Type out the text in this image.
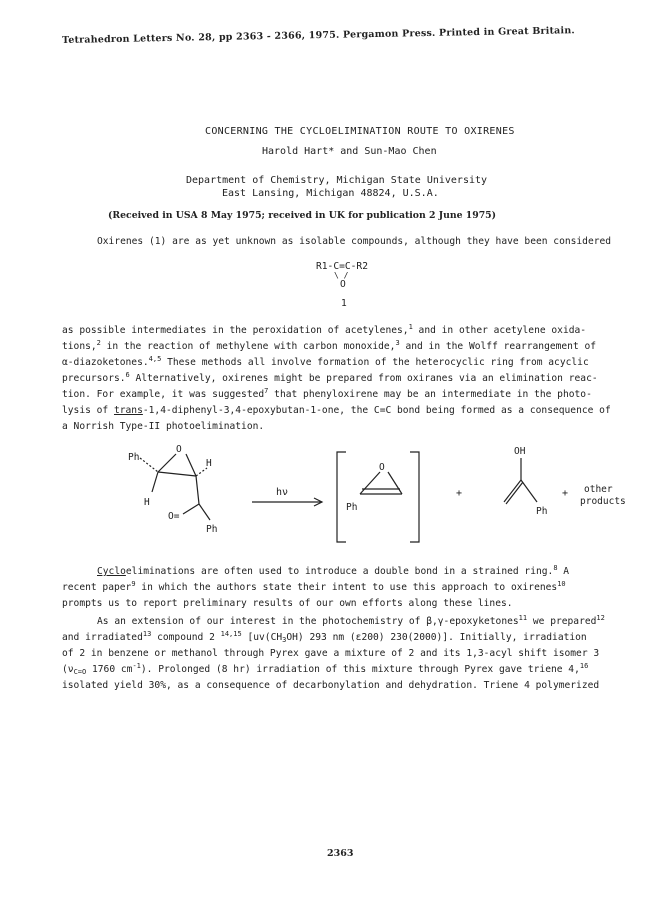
Tetrahedron Letters No. 28, pp 2363 - 2366, 1975. Pergamon Press. Printed in Great Britain.
CONCERNING THE CYCLOELIMINATION ROUTE TO OXIRENES
Harold Hart* and Sun-Mao Chen
Department of Chemistry, Michigan State University
East Lansing, Michigan 48824, U.S.A.
(Received in USA 8 May 1975; received in UK for publication 2 June 1975)
Oxirenes (1) are as yet unknown as isolable compounds, although they have been considered
R1-C=C-R2
\ /
O
1
as possible intermediates in the peroxidation of acetylenes,$^1$ and in other acetylene oxida-
tions,$^2$ in the reaction of methylene with carbon monoxide,$^3$ and in the Wolff rearrangement of
α-diazoketones.$^{4,5}$ These methods all involve formation of the heterocyclic ring from acyclic
precursors.$^6$ Alternatively, oxirenes might be prepared from oxiranes via an elimination reac-
tion. For example, it was suggested$^7$ that phenyloxirene may be an intermediate in the photo-
lysis of trans-1,4-diphenyl-3,4-epoxybutan-1-one, the C=C bond being formed as a consequence of
a Norrish Type-II photoelimination.
Ph
O
H
H
O=
Ph
hν
O
Ph
+
OH
Ph
+ other
products
Cycloeliminations are often used to introduce a double bond in a strained ring.$^8$ A
recent paper$^9$ in which the authors state their intent to use this approach to oxirenes$^{10}$
prompts us to report preliminary results of our own efforts along these lines.
As an extension of our interest in the photochemistry of β,γ-epoxyketones$^{11}$ we prepared$^{12}$
and irradiated$^{13}$ compound 2 $^{14,15}$ [$uv(CH_3OH)$ 293 nm (ε200) 230(2000)]. Initially, irradiation
of 2 in benzene or methanol through Pyrex gave a mixture of 2 and its 1,3-acyl shift isomer 3
($\nu_{C=O}$ 1760 $cm^{-1}$). Prolonged (8 hr) irradiation of this mixture through Pyrex gave triene 4,16
isolated yield 30%, as a consequence of decarbonylation and dehydration. Triene 4 polymerized
2363
